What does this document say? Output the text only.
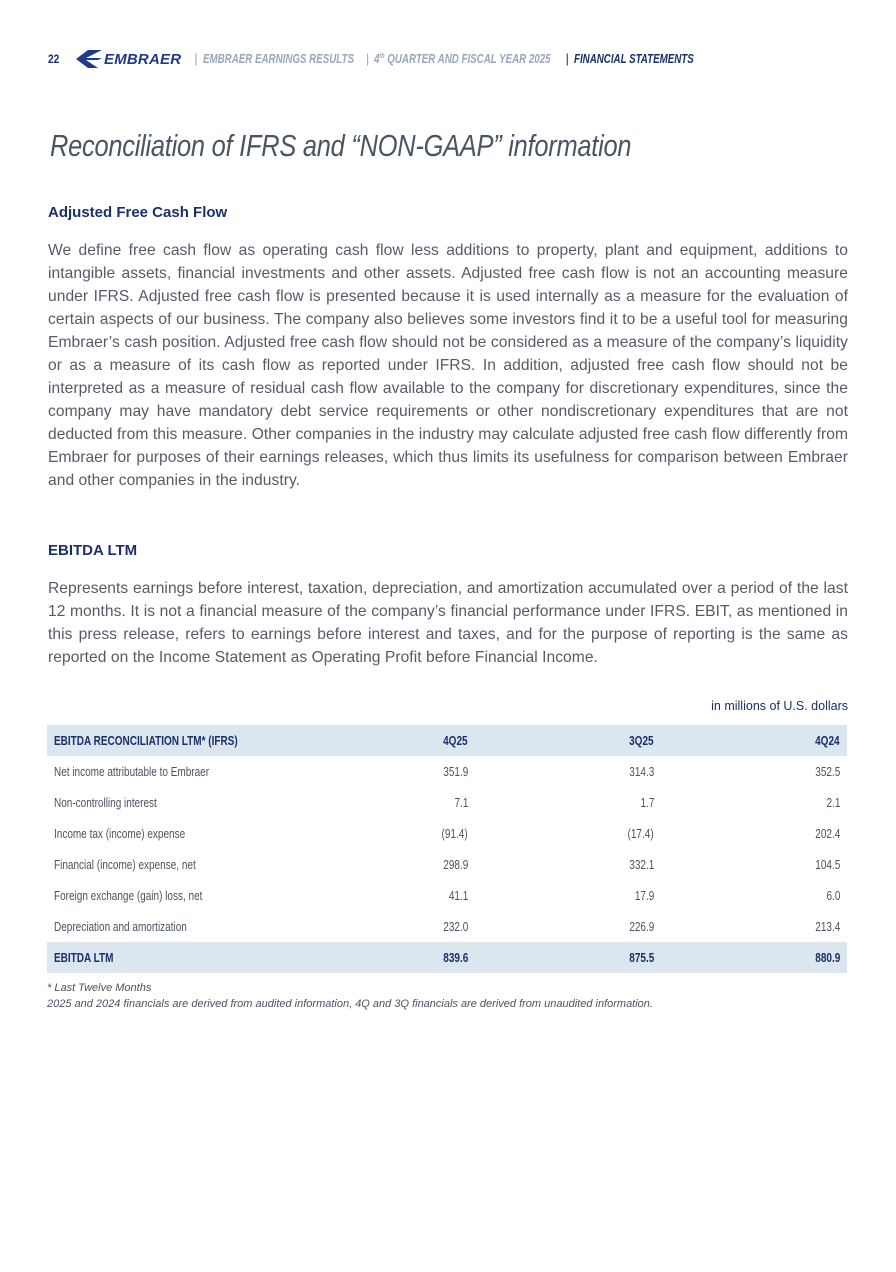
22	EMBRAER | EMBRAER EARNINGS RESULTS | 4th QUARTER AND FISCAL YEAR 2025 | FINANCIAL STATEMENTS
Reconciliation of IFRS and “NON-GAAP” information
Adjusted Free Cash Flow

We define free cash flow as operating cash flow less additions to property, plant and equipment, additions to intangible assets, financial investments and other assets. Adjusted free cash flow is not an accounting measure under IFRS. Adjusted free cash flow is presented because it is used internally as a measure for the evaluation of certain aspects of our business. The company also believes some investors find it to be a useful tool for measuring Embraer’s cash position. Adjusted free cash flow should not be considered as a measure of the company’s liquidity or as a measure of its cash flow as reported under IFRS. In addition, adjusted free cash flow should not be interpreted as a measure of residual cash flow available to the company for discretionary expenditures, since the company may have mandatory debt service requirements or other nondiscretionary expenditures that are not deducted from this measure. Other companies in the industry may calculate adjusted free cash flow differently from Embraer for purposes of their earnings releases, which thus limits its usefulness for comparison between Embraer and other companies in the industry.

EBITDA LTM

Represents earnings before interest, taxation, depreciation, and amortization accumulated over a period of the last 12 months. It is not a financial measure of the company’s financial performance under IFRS. EBIT, as mentioned in this press release, refers to earnings before interest and taxes, and for the purpose of reporting is the same as reported on the Income Statement as Operating Profit before Financial Income.

in millions of U.S. dollars
EBITDA RECONCILIATION LTM* (IFRS)	4Q25	3Q25	4Q24
Net income attributable to Embraer	351.9	314.3	352.5
Non-controlling interest	7.1	1.7	2.1
Income tax (income) expense	(91.4)	(17.4)	202.4
Financial (income) expense, net	298.9	332.1	104.5
Foreign exchange (gain) loss, net	41.1	17.9	6.0
Depreciation and amortization	232.0	226.9	213.4
EBITDA LTM	839.6	875.5	880.9
* Last Twelve Months
2025 and 2024 financials are derived from audited information, 4Q and 3Q financials are derived from unaudited information.
